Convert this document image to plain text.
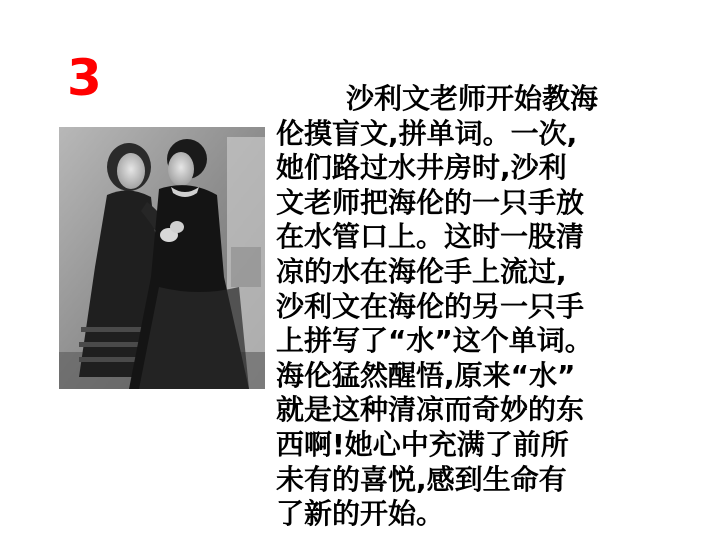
3	沙利文老师开始教海
伦摸盲文,拼单词。一次,
她们路过水井房时,沙利
文老师把海伦的一只手放
在水管口上。这时一股清
凉的水在海伦手上流过,
沙利文在海伦的另一只手
上拼写了“水”这个单词。
海伦猛然醒悟,原来“水”
就是这种清凉而奇妙的东
西啊!她心中充满了前所
未有的喜悦,感到生命有
了新的开始。
